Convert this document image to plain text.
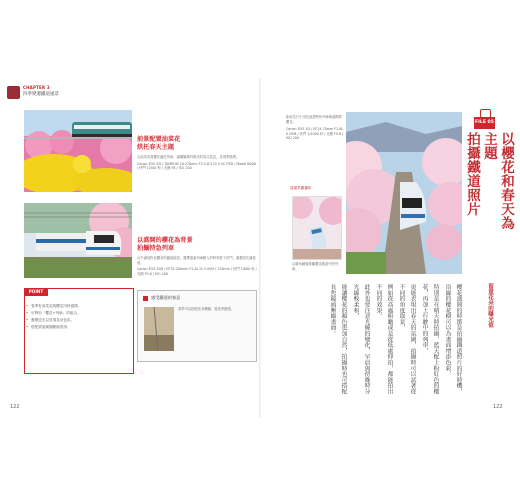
CHAPTER 3
四季變遷鐵道風景
前景配置油菜花
烘托春天主題
以油菜花與櫻花襯托列車，讓構圖兼具明亮的春日氣息，呈現季節感。
Canon EOS 5D / TAMRON 18-270mm F3.5-6.3 Di II VC PZD / Model B008 / 快門 1/500 秒 / 光圈 F8 / ISO 200
以盛開的櫻花為背景
拍攝特急列車
山中滿是粉色櫻花的鐵道區段，選擇遠處列車駛入的時刻按下快門，讓畫面充滿春意。
Canon EOS 50D / EF70-200mm F2.8L IS II USM / 170mm / 快門 1/800 秒 / 光圈 F5.6 / ISO 200
• 春季有油菜花與櫻花同時盛開。
• 可利用「櫻花+列車」的組合。
• 避開逆光以呈現花朵色彩。
• 搭配望遠鏡頭壓縮景深。
POINT
感受鐵道的春意
春季可以搭配花朵構圖，營造季節感。
122
新宿急行小田急浪漫特快列車與盛開的櫻花。
Canon EOS 5D / EF24-70mm F2.8L II USM / 快門 1/1000 秒 / 光圈 F5.6 / ISO 200
遠端景觀攝影
以廣角鏡頭俯瞰櫻花隧道中的列車。
FILE 05
以櫻花和春天為主題
拍攝鐵道照片
櫻花盛開的時節是拍攝鐵道照片的好時機，沿線的櫻花樹可以為畫面增添色彩，
特別是在晴天時拍攝，藍天配上粉紅色的櫻花，再加上行駛中的列車，
更能表現出春天的氛圍，拍攝時可以試著從不同的角度取景，
例如從高處俯瞰或是從低處仰拍，都能拍出不同的效果。
此外也要注意光線的變化，早晨與傍晚時分光線較柔和，
能讓櫻花的顏色更加自然，拍攝時也可搭配長焦鏡頭壓縮畫面。	留意花朵的曝光值
122
